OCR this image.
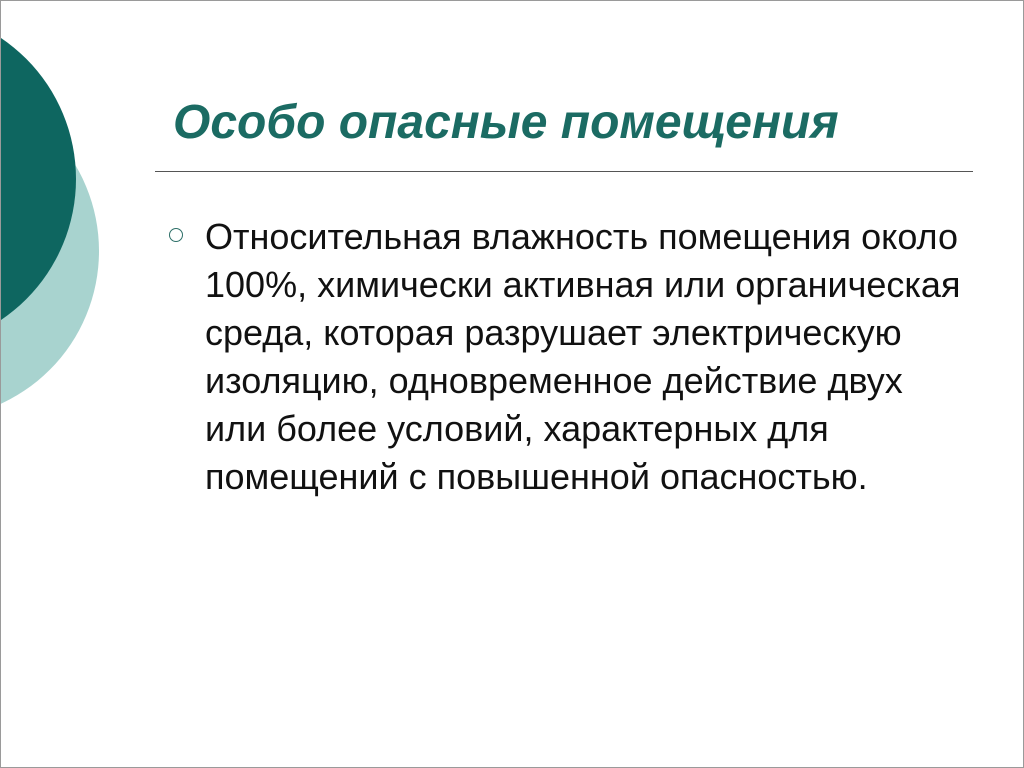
Особо опасные помещения
Относительная влажность помещения около 100%, химически активная или органическая среда, которая разрушает электрическую изоляцию, одновременное действие двух или более условий, характерных для помещений с повышенной опасностью.
